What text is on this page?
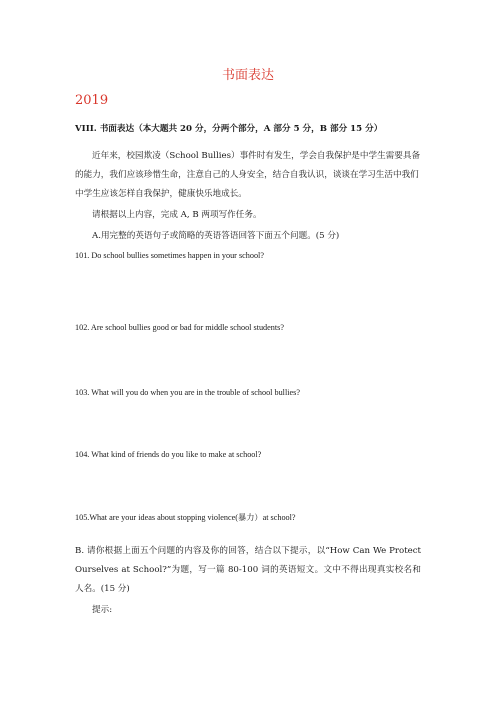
书面表达
2019
VIII. 书面表达（本大题共 20 分，分两个部分，A 部分 5 分，B 部分 15 分）
近年来，校园欺凌（School Bullies）事件时有发生，学会自我保护是中学生需要具备的能力，我们应该珍惜生命，注意自己的人身安全，结合自我认识，谈谈在学习生活中我们中学生应该怎样自我保护，健康快乐地成长。
请根据以上内容，完成 A, B 两项写作任务。
A.用完整的英语句子或简略的英语答语回答下面五个问题。(5 分)
101. Do school bullies sometimes happen in your school?
102. Are school bullies good or bad for middle school students?
103. What will you do when you are in the trouble of school bullies?
104. What kind of friends do you like to make at school?
105.What are your ideas about stopping violence(暴力）at school?
B. 请你根据上面五个问题的内容及你的回答，结合以下提示，以“How Can We Protect Ourselves at School?”为题，写一篇 80-100 词的英语短文。文中不得出现真实校名和人名。(15 分)
提示:
